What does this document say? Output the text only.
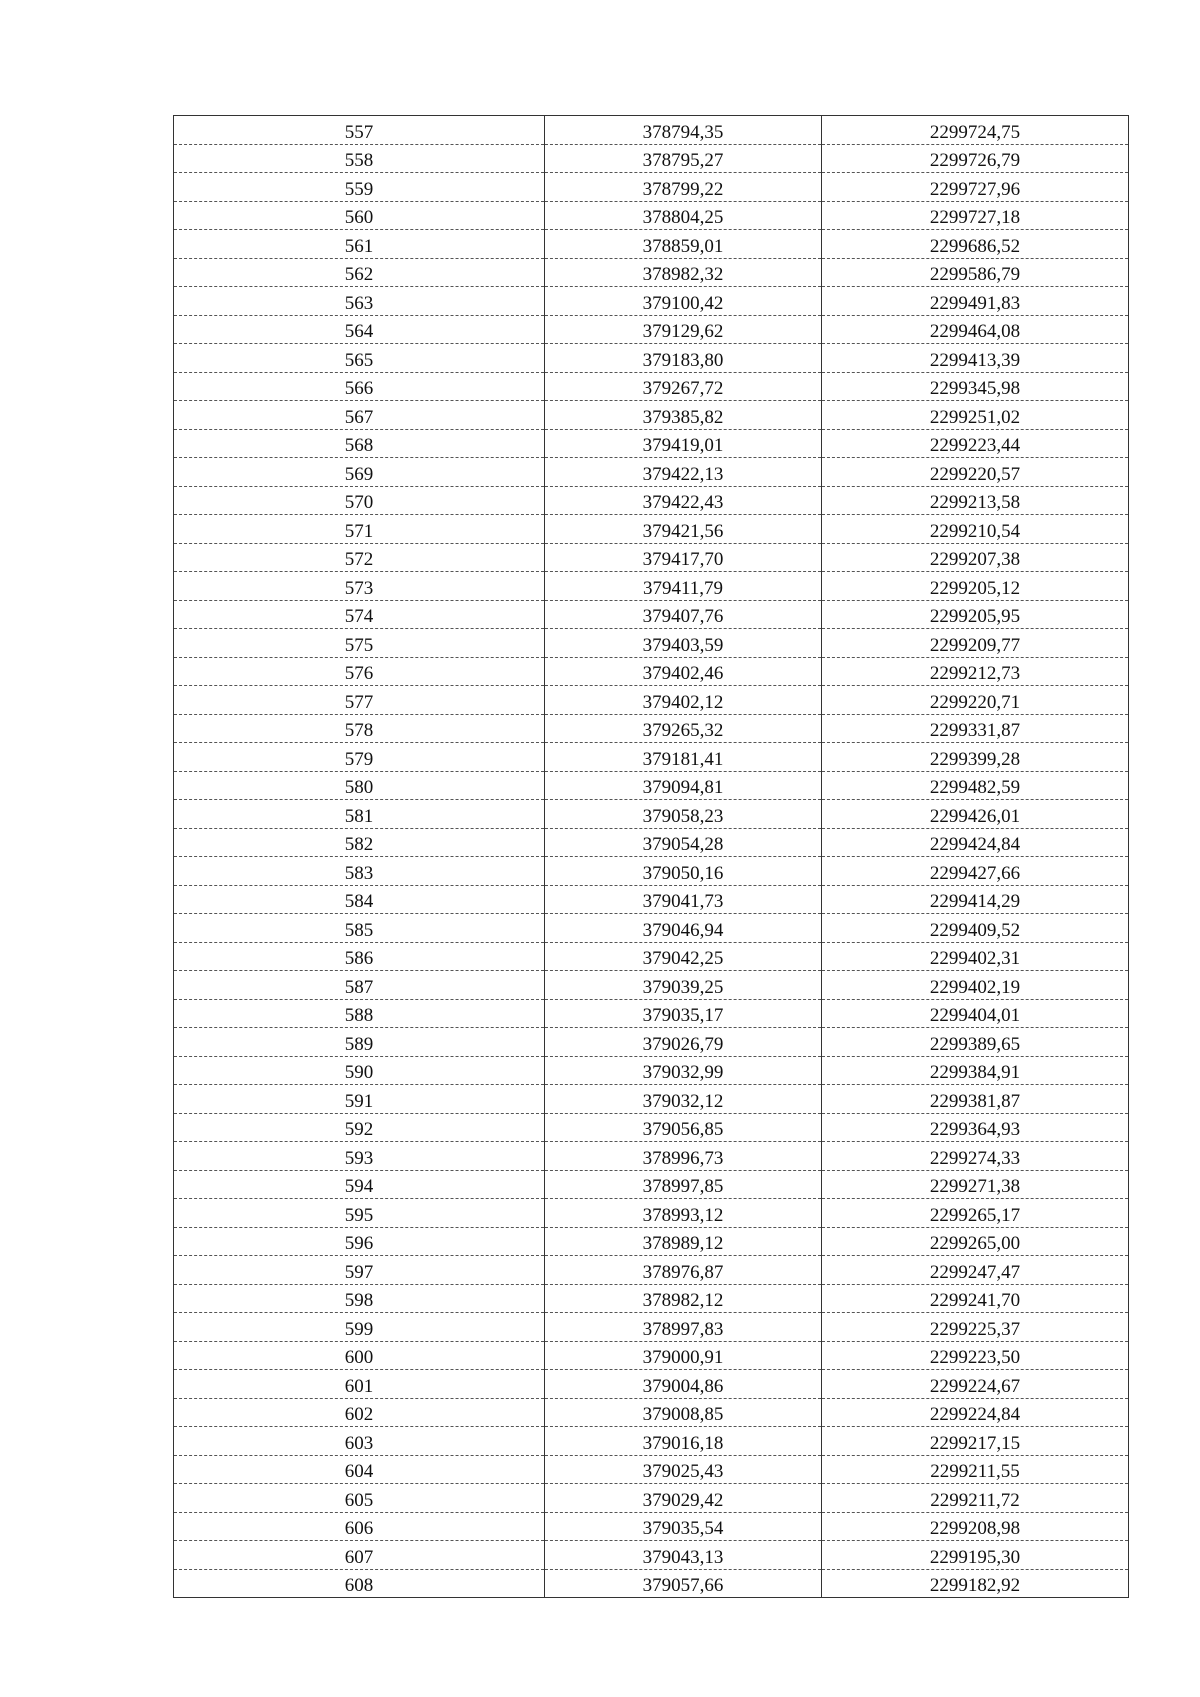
557	378794,35	2299724,75
558	378795,27	2299726,79
559	378799,22	2299727,96
560	378804,25	2299727,18
561	378859,01	2299686,52
562	378982,32	2299586,79
563	379100,42	2299491,83
564	379129,62	2299464,08
565	379183,80	2299413,39
566	379267,72	2299345,98
567	379385,82	2299251,02
568	379419,01	2299223,44
569	379422,13	2299220,57
570	379422,43	2299213,58
571	379421,56	2299210,54
572	379417,70	2299207,38
573	379411,79	2299205,12
574	379407,76	2299205,95
575	379403,59	2299209,77
576	379402,46	2299212,73
577	379402,12	2299220,71
578	379265,32	2299331,87
579	379181,41	2299399,28
580	379094,81	2299482,59
581	379058,23	2299426,01
582	379054,28	2299424,84
583	379050,16	2299427,66
584	379041,73	2299414,29
585	379046,94	2299409,52
586	379042,25	2299402,31
587	379039,25	2299402,19
588	379035,17	2299404,01
589	379026,79	2299389,65
590	379032,99	2299384,91
591	379032,12	2299381,87
592	379056,85	2299364,93
593	378996,73	2299274,33
594	378997,85	2299271,38
595	378993,12	2299265,17
596	378989,12	2299265,00
597	378976,87	2299247,47
598	378982,12	2299241,70
599	378997,83	2299225,37
600	379000,91	2299223,50
601	379004,86	2299224,67
602	379008,85	2299224,84
603	379016,18	2299217,15
604	379025,43	2299211,55
605	379029,42	2299211,72
606	379035,54	2299208,98
607	379043,13	2299195,30
608	379057,66	2299182,92
